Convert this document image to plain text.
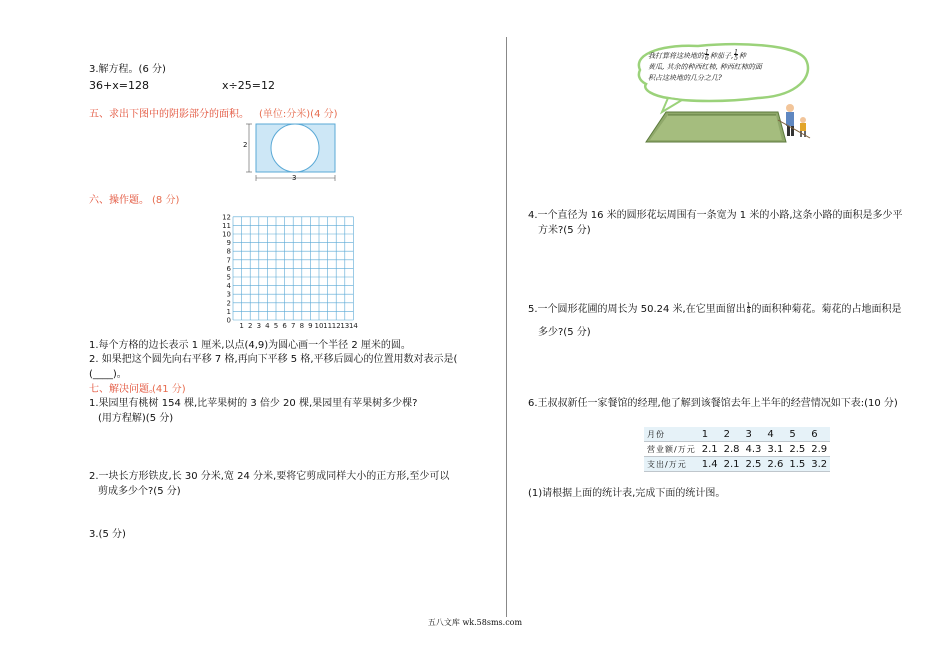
3.解方程。(6 分)
36+x=128	x÷25=12
五、求出下图中的阴影部分的面积。 (单位:分米)(4 分)
2
3
六、操作题。 (8 分)
12
11
10
9
8
7
6
5
4
3
2
1
0
1 2 3 4 5 6 7 8 9 10 11 12 13 14
1.每个方格的边长表示 1 厘米,以点(4,9)为圆心画一个半径 2 厘米的圆。
2. 如果把这个圆先向右平移 7 格,再向下平移 5 格,平移后圆心的位置用数对表示是(
(____)。
七、解决问题。
(41 分)
1.果园里有桃树 154 棵,比苹果树的 3 倍少 20 棵,果园里有苹果树多少棵?
(用方程解)(5 分)
2.一块长方形铁皮,长 30 分米,宽 24 分米,要将它剪成同样大小的正方形,至少可以
剪成多少个?(5 分)
3.(5 分)
我打算将这块地的1
6种茄子,1
5种
黄瓜, 其余的种西红柿, 种西红柿的面
积占这块地的几分之几?
4.一个直径为 16 米的圆形花坛周围有一条宽为 1 米的小路,这条小路的面积是多少平
方米?(5 分)
5.一个圆形花圃的周长为 50.24 米,在它里面留出1
8的面积种菊花。菊花的占地面积是
多少?(5 分)
6.王叔叔新任一家餐馆的经理,他了解到该餐馆去年上半年的经营情况如下表:(10 分)
月份	1	2	3	4	5	6
营业额/万元	2.1	2.8	4.3	3.1	2.5	2.9
支出/万元	1.4	2.1	2.5	2.6	1.5	3.2
(1)请根据上面的统计表,完成下面的统计图。
五八文库 wk.58sms.com
